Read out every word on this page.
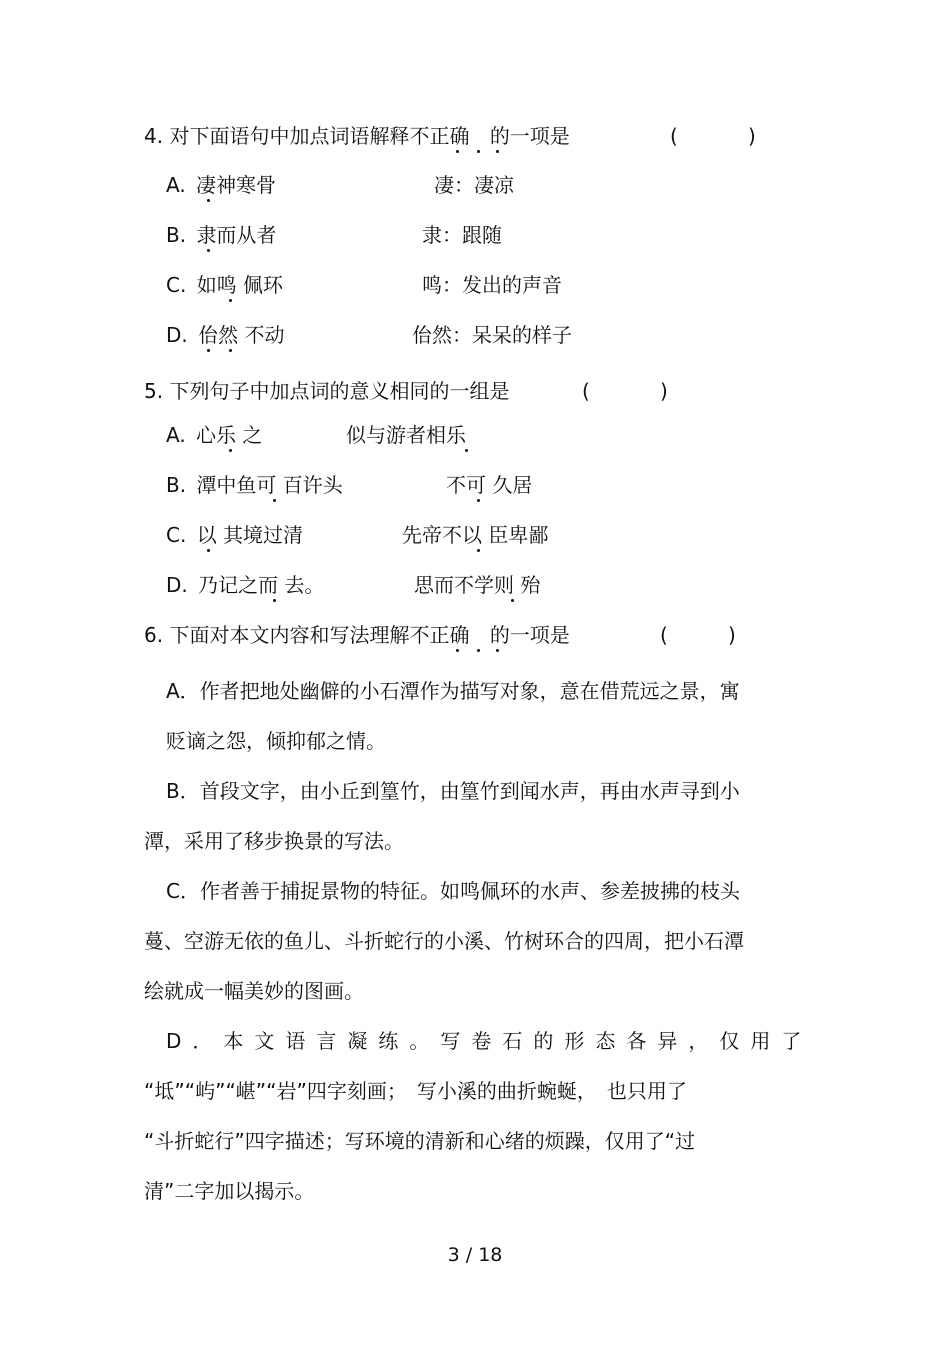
4. 对下面语句中加点词语解释不正确 的一项是	(	)
A. 凄神寒骨	凄：凄凉
B. 隶而从者	隶：跟随
C. 如鸣 佩环	鸣：发出的声音
D. 佁然 不动	佁然：呆呆的样子
5. 下列句子中加点词的意义相同的一组是	(	)
A. 心乐 之	似与游者相乐
B. 潭中鱼可 百许头	不可 久居
C. 以 其境过清	先帝不以 臣卑鄙
D. 乃记之而 去。	思而不学则 殆
6. 下面对本文内容和写法理解不正确 的一项是	(	)
A．作者把地处幽僻的小石潭作为描写对象，意在借荒远之景，寓
贬谪之怨，倾抑郁之情。
B．首段文字，由小丘到篁竹，由篁竹到闻水声，再由水声寻到小
潭，采用了移步换景的写法。
C．作者善于捕捉景物的特征。如鸣佩环的水声、参差披拂的枝头
蔓、空游无依的鱼儿、斗折蛇行的小溪、竹树环合的四周，把小石潭
绘就成一幅美妙的图画。
D．本文语言凝练。写卷石的形态各异，仅用了
“坻”“屿”“嵁”“岩”四字刻画；　写小溪的曲折蜿蜒，　也只用了
“斗折蛇行”四字描述；写环境的清新和心绪的烦躁，仅用了“过
清”二字加以揭示。
3 / 18
